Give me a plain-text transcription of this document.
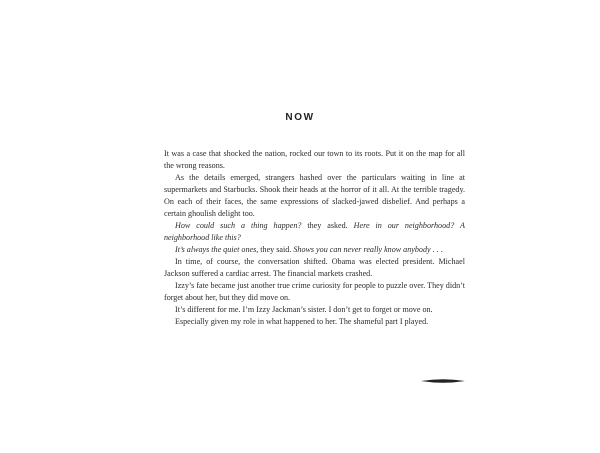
NOW

It was a case that shocked the nation, rocked our town to its roots. Put it on the map for all the wrong reasons.

As the details emerged, strangers hashed over the particulars waiting in line at supermarkets and Starbucks. Shook their heads at the horror of it all. At the terrible tragedy. On each of their faces, the same expressions of slacked-jawed disbelief. And perhaps a certain ghoulish delight too.

How could such a thing happen? they asked. Here in our neighborhood? A neighborhood like this?

It’s always the quiet ones, they said. Shows you can never really know anybody . . .

In time, of course, the conversation shifted. Obama was elected president. Michael Jackson suffered a cardiac arrest. The financial markets crashed.

Izzy’s fate became just another true crime curiosity for people to puzzle over. They didn’t forget about her, but they did move on.

It’s different for me. I’m Izzy Jackman’s sister. I don’t get to forget or move on.

Especially given my role in what happened to her. The shameful part I played.
